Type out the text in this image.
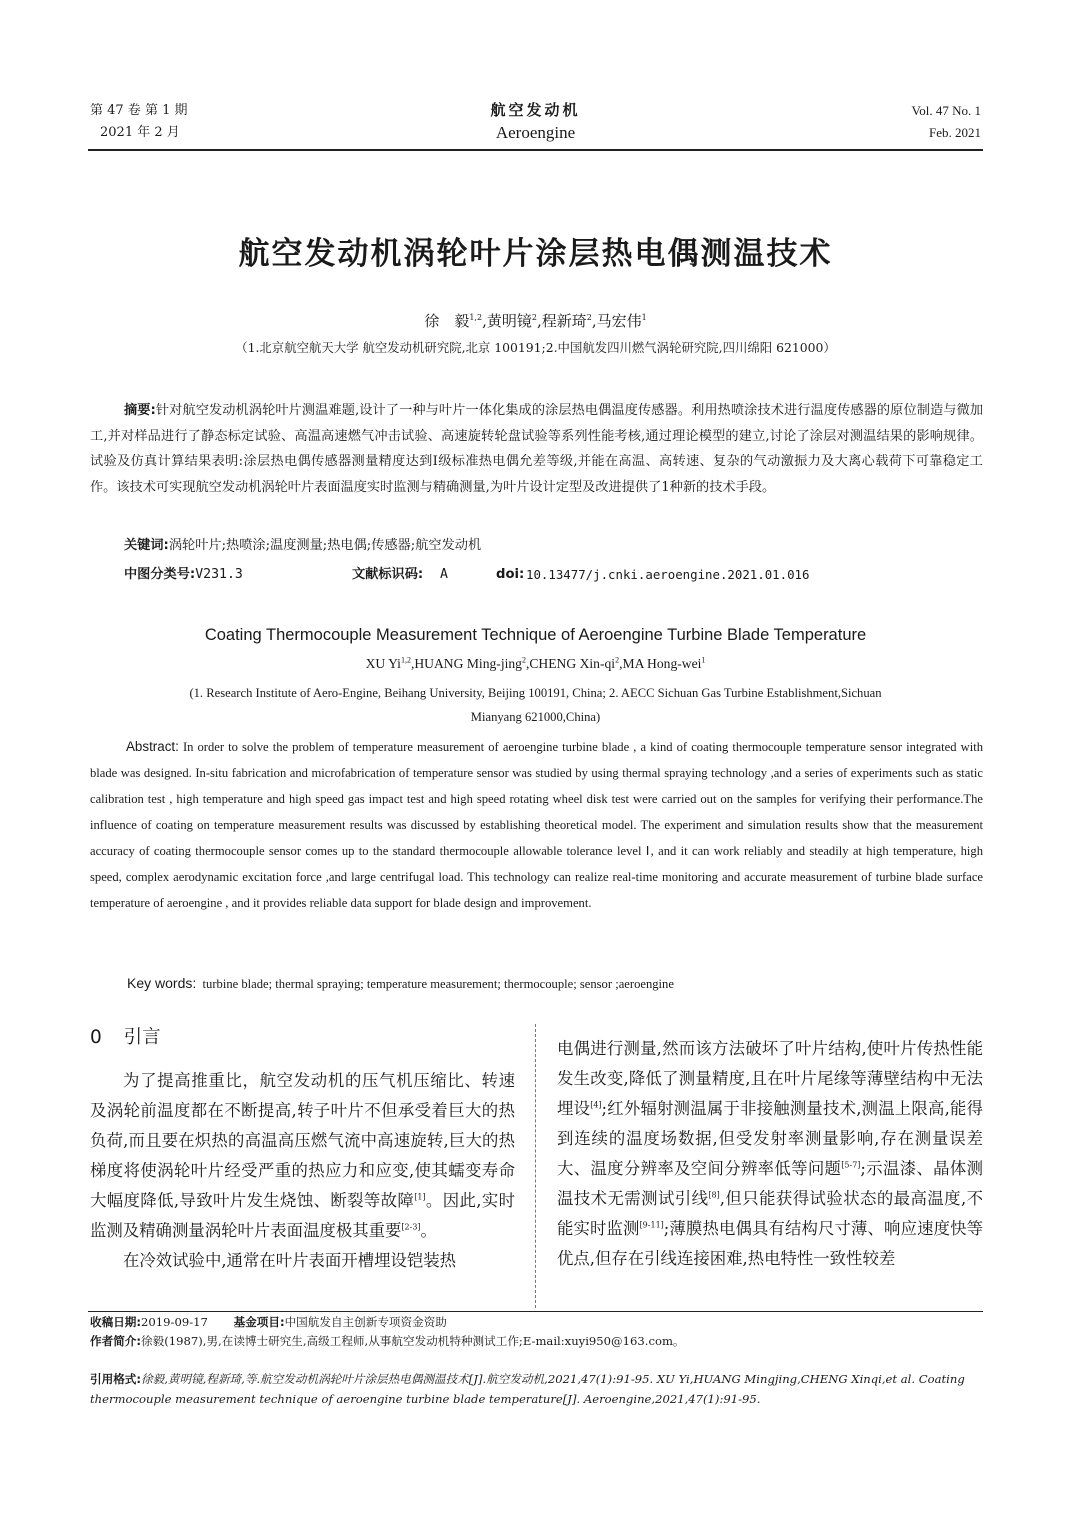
第 47 卷 第 1 期
2021 年 2 月
航空发动机
Aeroengine
Vol. 47 No. 1
Feb. 2021
航空发动机涡轮叶片涂层热电偶测温技术
徐　毅$^{1,2}$,黄明镜$^2$,程新琦$^2$,马宏伟$^1$
（1.北京航空航天大学 航空发动机研究院,北京 100191;2.中国航发四川燃气涡轮研究院,四川绵阳 621000）
摘要:针对航空发动机涡轮叶片测温难题,设计了一种与叶片一体化集成的涂层热电偶温度传感器。利用热喷涂技术进行温度传感器的原位制造与微加工,并对样品进行了静态标定试验、高温高速燃气冲击试验、高速旋转轮盘试验等系列性能考核,通过理论模型的建立,讨论了涂层对测温结果的影响规律。试验及仿真计算结果表明:涂层热电偶传感器测量精度达到Ⅰ级标准热电偶允差等级,并能在高温、高转速、复杂的气动激振力及大离心载荷下可靠稳定工作。该技术可实现航空发动机涡轮叶片表面温度实时监测与精确测量,为叶片设计定型及改进提供了1种新的技术手段。
关键词:涡轮叶片;热喷涂;温度测量;热电偶;传感器;航空发动机
中图分类号:V231.3	文献标识码: A	doi: 10.13477/j.cnki.aeroengine.2021.01.016
Coating Thermocouple Measurement Technique of Aeroengine Turbine Blade Temperature
XU Yi$^{1,2}$,HUANG Ming-jing$^2$,CHENG Xin-$qi^2,MA$ Hong-wei$^1$
(1. Research Institute of Aero-Engine, Beihang University, Beijing 100191, China; 2. AECC Sichuan Gas Turbine Establishment,Sichuan
Mianyang 621000,China)
Abstract: In order to solve the problem of temperature measurement of aeroengine turbine blade , a kind of coating thermocouple temperature sensor integrated with blade was designed. In-situ fabrication and microfabrication of temperature sensor was studied by using thermal spraying technology ,and a series of experiments such as static calibration test , high temperature and high speed gas impact test and high speed rotating wheel disk test were carried out on the samples for verifying their performance.The influence of coating on temperature measurement results was discussed by establishing theoretical model. The experiment and simulation results show that the measurement accuracy of coating thermocouple sensor comes up to the standard thermocouple allowable tolerance level Ⅰ, and it can work reliably and steadily at high temperature, high speed, complex aerodynamic excitation force ,and large centrifugal load. This technology can realize real-time monitoring and accurate measurement of turbine blade surface temperature of aeroengine , and it provides reliable data support for blade design and improvement.
Key words: turbine blade; thermal spraying; temperature measurement; thermocouple; sensor ;aeroengine
0 引言

为了提高推重比，航空发动机的压气机压缩比、转速及涡轮前温度都在不断提高,转子叶片不但承受着巨大的热负荷,而且要在炽热的高温高压燃气流中高速旋转,巨大的热梯度将使涡轮叶片经受严重的热应力和应变,使其蠕变寿命大幅度降低,导致叶片发生烧蚀、断裂等故障[1]。因此,实时监测及精确测量涡轮叶片表面温度极其重要[2-3]。

在冷效试验中,通常在叶片表面开槽埋设铠装热

电偶进行测量,然而该方法破坏了叶片结构,使叶片传热性能发生改变,降低了测量精度,且在叶片尾缘等薄壁结构中无法埋设[4];红外辐射测温属于非接触测量技术,测温上限高,能得到连续的温度场数据,但受发射率测量影响,存在测量误差大、温度分辨率及空间分辨率低等问题[5-7];示温漆、晶体测温技术无需测试引线[8],但只能获得试验状态的最高温度,不能实时监测[9-11];薄膜热电偶具有结构尺寸薄、响应速度快等优点,但存在引线连接困难,热电特性一致性较差

收稿日期:2019-09-17 基金项目:中国航发自主创新专项资金资助
作者简介:徐毅(1987),男,在读博士研究生,高级工程师,从事航空发动机特种测试工作;E-mail:xuyi950@163.com。
引用格式:徐毅,黄明镜,程新琦,等.航空发动机涡轮叶片涂层热电偶测温技术[J].航空发动机,2021,47(1):91-95. XU Yi,HUANG Mingjing,CHENG Xinqi,et al. Coating thermocouple measurement technique of aeroengine turbine blade temperature[J]. Aeroengine,2021,47(1):91-95.
